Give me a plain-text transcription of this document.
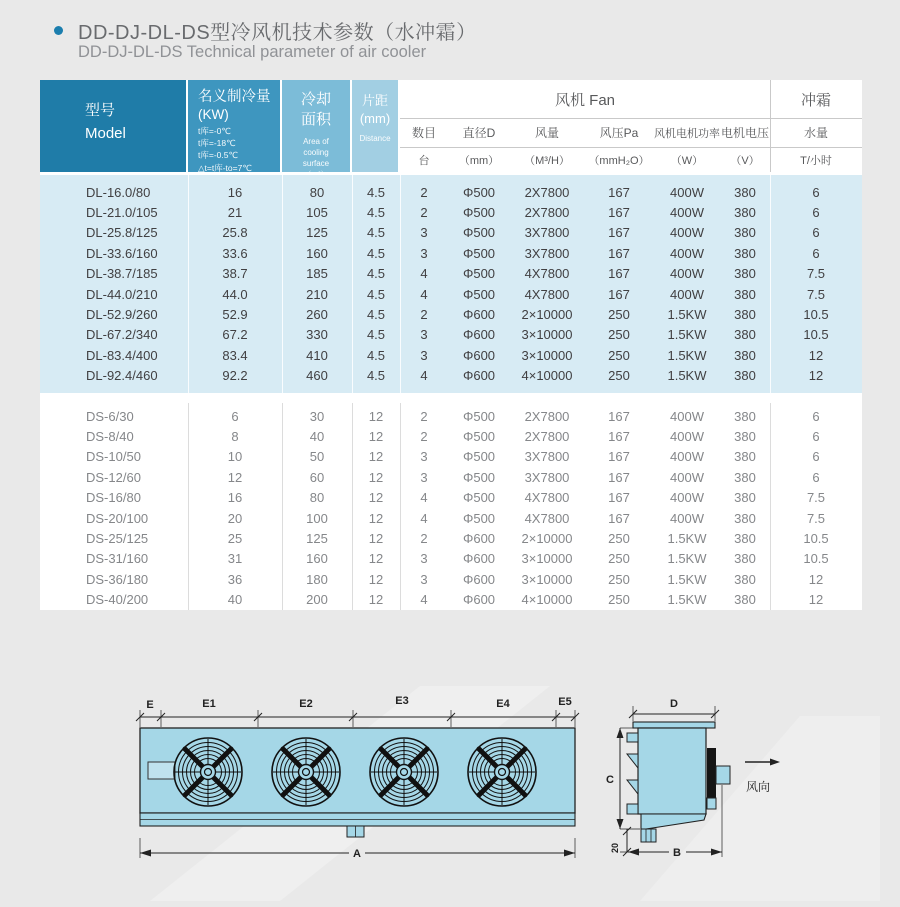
DD-DJ-DL-DS型冷风机技术参数（水冲霜）
DD-DJ-DL-DS Technical parameter of air cooler
型号
Model
名义制冷量
(KW)
t库=-0℃
t库=-18℃
t库=-0.5℃
△t=t库-to=7℃
冷却
面积
Area of
cooling
surface
片距
(mm)
Distance
风机 Fan
数目	直径D	风量	风压Pa	风机电机功率 电机电压
台	（mm）	（M³/H）	（mmH₂O）	（W）	（V）
冲霜
水量
T/小时
DL-16.0/80	16	80	4.5	2	Φ500	2X7800	167	400W	380	6
DL-21.0/105	21	105	4.5	2	Φ500	2X7800	167	400W	380	6
DL-25.8/125	25.8	125	4.5	3	Φ500	3X7800	167	400W	380	6
DL-33.6/160	33.6	160	4.5	3	Φ500	3X7800	167	400W	380	6
DL-38.7/185	38.7	185	4.5	4	Φ500	4X7800	167	400W	380	7.5
DL-44.0/210	44.0	210	4.5	4	Φ500	4X7800	167	400W	380	7.5
DL-52.9/260	52.9	260	4.5	2	Φ600	2×10000	250	1.5KW	380	10.5
DL-67.2/340	67.2	330	4.5	3	Φ600	3×10000	250	1.5KW	380	10.5
DL-83.4/400	83.4	410	4.5	3	Φ600	3×10000	250	1.5KW	380	12
DL-92.4/460	92.2	460	4.5	4	Φ600	4×10000	250	1.5KW	380	12
DS-6/30	6	30	12	2	Φ500	2X7800	167	400W	380	6
DS-8/40	8	40	12	2	Φ500	2X7800	167	400W	380	6
DS-10/50	10	50	12	3	Φ500	3X7800	167	400W	380	6
DS-12/60	12	60	12	3	Φ500	3X7800	167	400W	380	6
DS-16/80	16	80	12	4	Φ500	4X7800	167	400W	380	7.5
DS-20/100	20	100	12	4	Φ500	4X7800	167	400W	380	7.5
DS-25/125	25	125	12	2	Φ600	2×10000	250	1.5KW	380	10.5
DS-31/160	31	160	12	3	Φ600	3×10000	250	1.5KW	380	10.5
DS-36/180	36	180	12	3	Φ600	3×10000	250	1.5KW	380	12
DS-40/200	40	200	12	4	Φ600	4×10000	250	1.5KW	380	12
E	E1	E2	E3	E4	E5
A
D
C
20	B
风向
